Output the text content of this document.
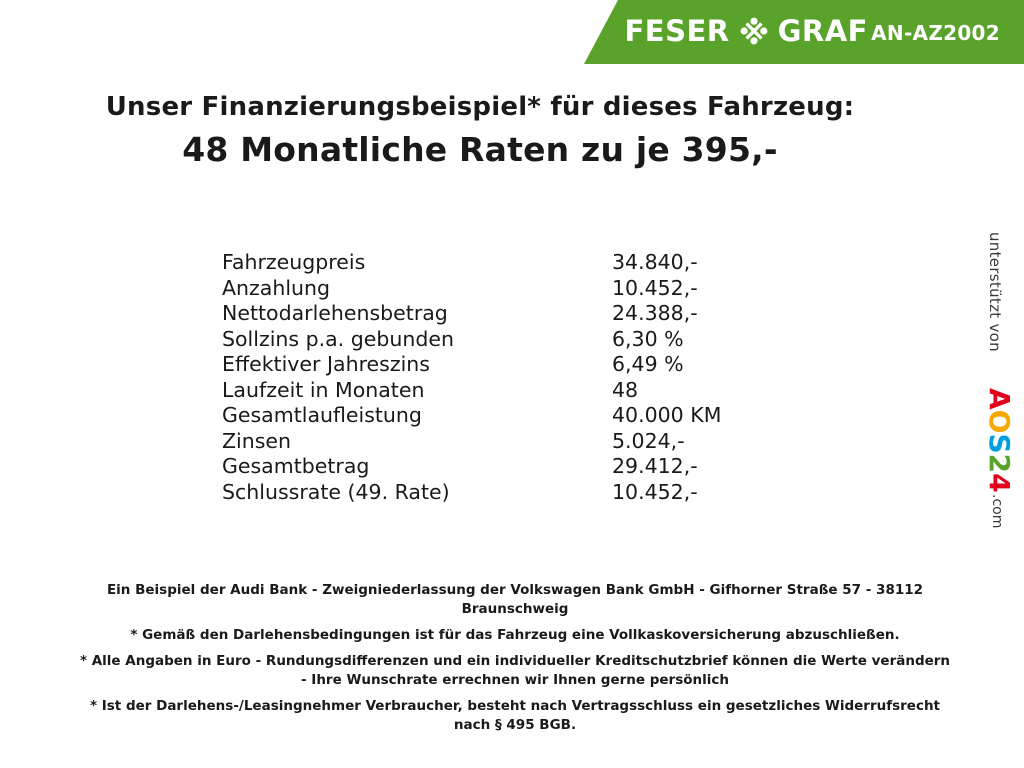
FESER GRAF AN-AZ2002
Unser Finanzierungsbeispiel* für dieses Fahrzeug:
48 Monatliche Raten zu je 395,-
Fahrzeugpreis	34.840,-
Anzahlung	10.452,-
Nettodarlehensbetrag	24.388,-
Sollzins p.a. gebunden	6,30 %
Effektiver Jahreszins	6,49 %
Laufzeit in Monaten	48
Gesamtlaufleistung	40.000 KM
Zinsen	5.024,-
Gesamtbetrag	29.412,-
Schlussrate (49. Rate)	10.452,-

Ein Beispiel der Audi Bank - Zweigniederlassung der Volkswagen Bank GmbH - Gifhorner Straße 57 - 38112

Braunschweig

* Gemäß den Darlehensbedingungen ist für das Fahrzeug eine Vollkaskoversicherung abzuschließen.

* Alle Angaben in Euro - Rundungsdifferenzen und ein individueller Kreditschutzbrief können die Werte verändern

- Ihre Wunschrate errechnen wir Ihnen gerne persönlich

* Ist der Darlehens-/Leasingnehmer Verbraucher, besteht nach Vertragsschluss ein gesetzliches Widerrufsrecht

nach § 495 BGB.

unterstützt von
AOS24
.com
